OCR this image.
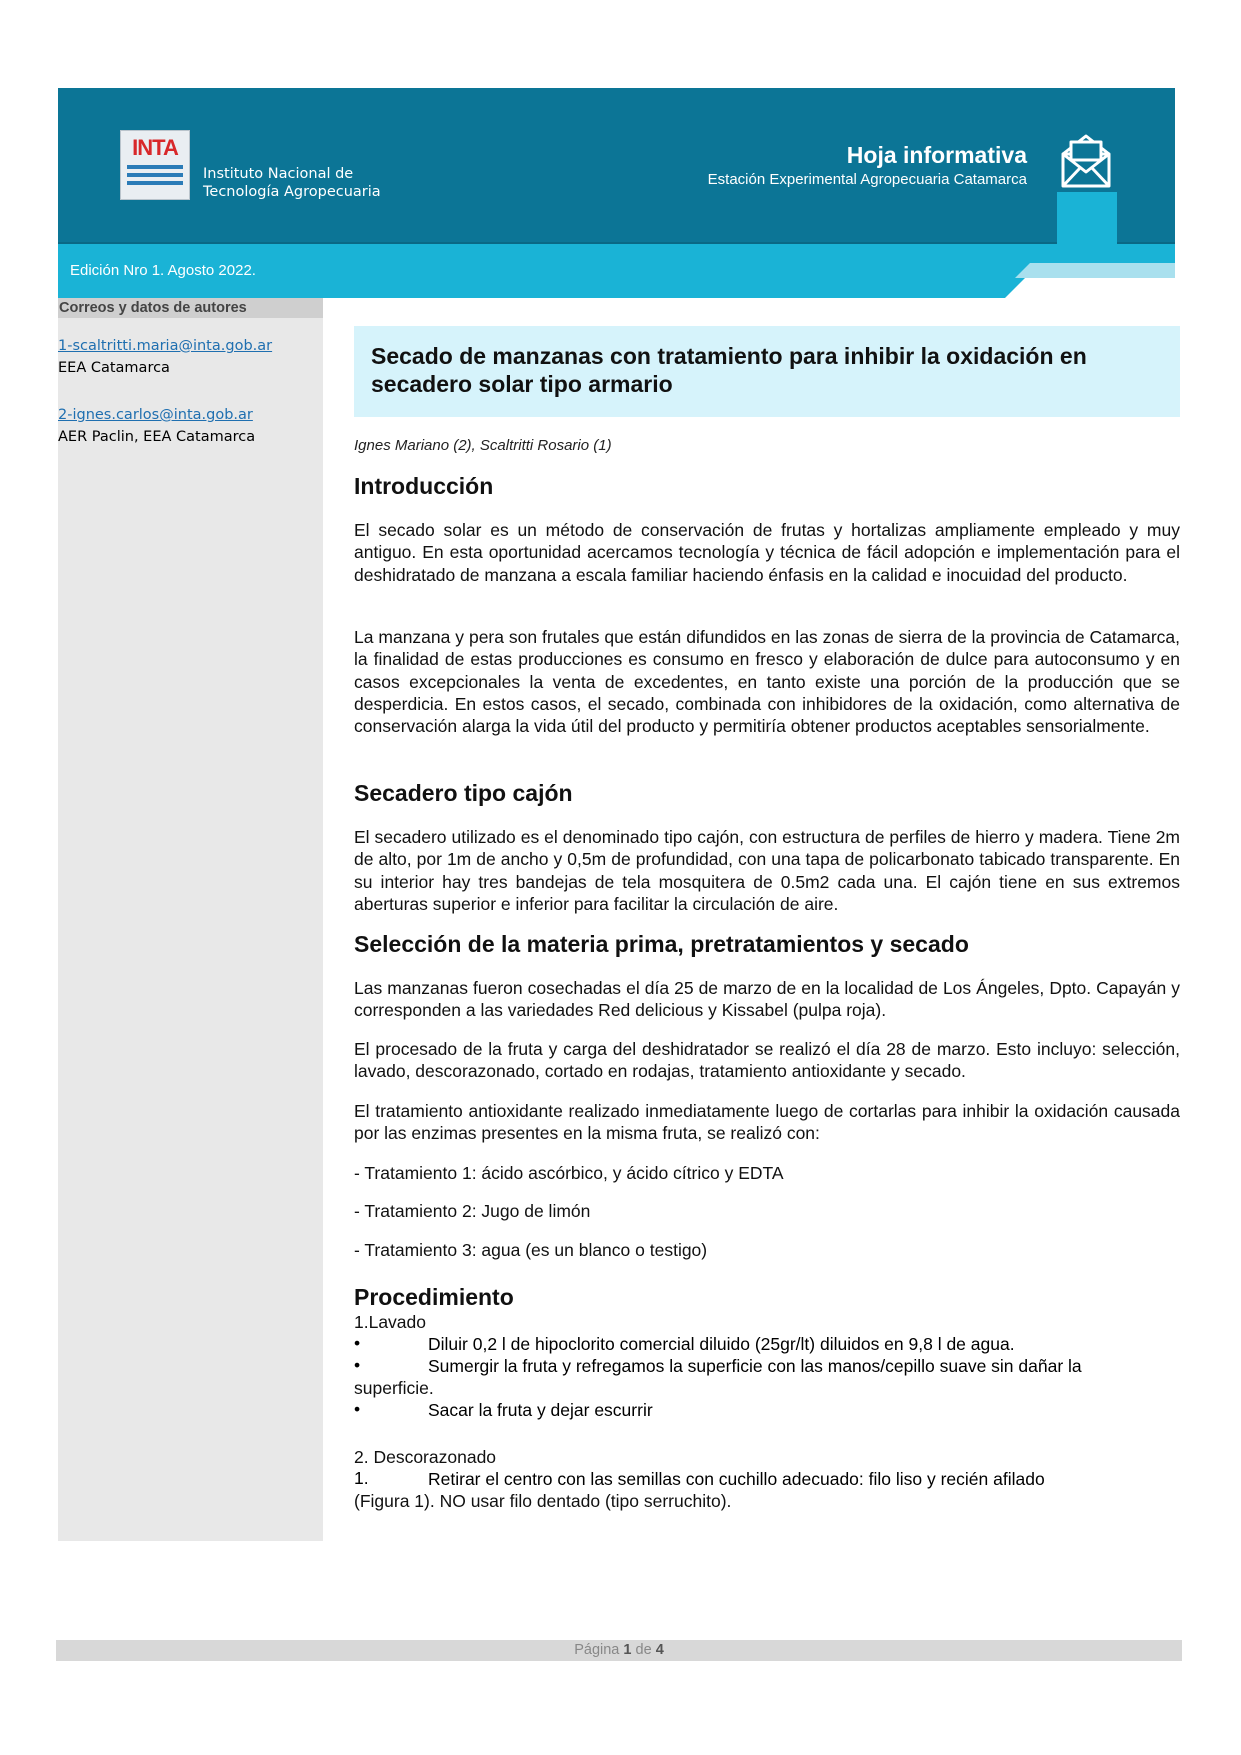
INTA
Instituto Nacional de
Tecnología Agropecuaria
Hoja informativa
Estación Experimental Agropecuaria Catamarca
Edición Nro 1. Agosto 2022.
Correos y datos de autores
1-scaltritti.maria@inta.gob.ar
EEA Catamarca
2-ignes.carlos@inta.gob.ar
AER Paclin, EEA Catamarca
Secado de manzanas con tratamiento para inhibir la oxidación en
secadero solar tipo armario
Ignes Mariano (2), Scaltritti Rosario (1)
Introducción
El secado solar es un método de conservación de frutas y hortalizas ampliamente empleado y muy antiguo. En esta oportunidad acercamos tecnología y técnica de fácil adopción e implementación para el deshidratado de manzana a escala familiar haciendo énfasis en la calidad e inocuidad del producto.
La manzana y pera son frutales que están difundidos en las zonas de sierra de la provincia de Catamarca, la finalidad de estas producciones es consumo en fresco y elaboración de dulce para autoconsumo y en casos excepcionales la venta de excedentes, en tanto existe una porción de la producción que se desperdicia. En estos casos, el secado, combinada con inhibidores de la oxidación, como alternativa de conservación alarga la vida útil del producto y permitiría obtener productos aceptables sensorialmente.
Secadero tipo cajón
El secadero utilizado es el denominado tipo cajón, con estructura de perfiles de hierro y madera. Tiene 2m de alto, por 1m de ancho y 0,5m de profundidad, con una tapa de policarbonato tabicado transparente. En su interior hay tres bandejas de tela mosquitera de 0.5m2 cada una. El cajón tiene en sus extremos aberturas superior e inferior para facilitar la circulación de aire.
Selección de la materia prima, pretratamientos y secado
Las manzanas fueron cosechadas el día 25 de marzo de en la localidad de Los Ángeles, Dpto. Capayán y corresponden a las variedades Red delicious y Kissabel (pulpa roja).
El procesado de la fruta y carga del deshidratador se realizó el día 28 de marzo. Esto incluyo: selección, lavado, descorazonado, cortado en rodajas, tratamiento antioxidante y secado.
El tratamiento antioxidante realizado inmediatamente luego de cortarlas para inhibir la oxidación causada por las enzimas presentes en la misma fruta, se realizó con:
- Tratamiento 1: ácido ascórbico, y ácido cítrico y EDTA
- Tratamiento 2: Jugo de limón
- Tratamiento 3: agua (es un blanco o testigo)
Procedimiento
1.Lavado
•	Diluir 0,2 l de hipoclorito comercial diluido (25gr/lt) diluidos en 9,8 l de agua.
•	Sumergir la fruta y refregamos la superficie con las manos/cepillo suave sin dañar la
superficie.
•	Sacar la fruta y dejar escurrir
2. Descorazonado
1.	Retirar el centro con las semillas con cuchillo adecuado: filo liso y recién afilado
(Figura 1). NO usar filo dentado (tipo serruchito).
Página 1 de 4
